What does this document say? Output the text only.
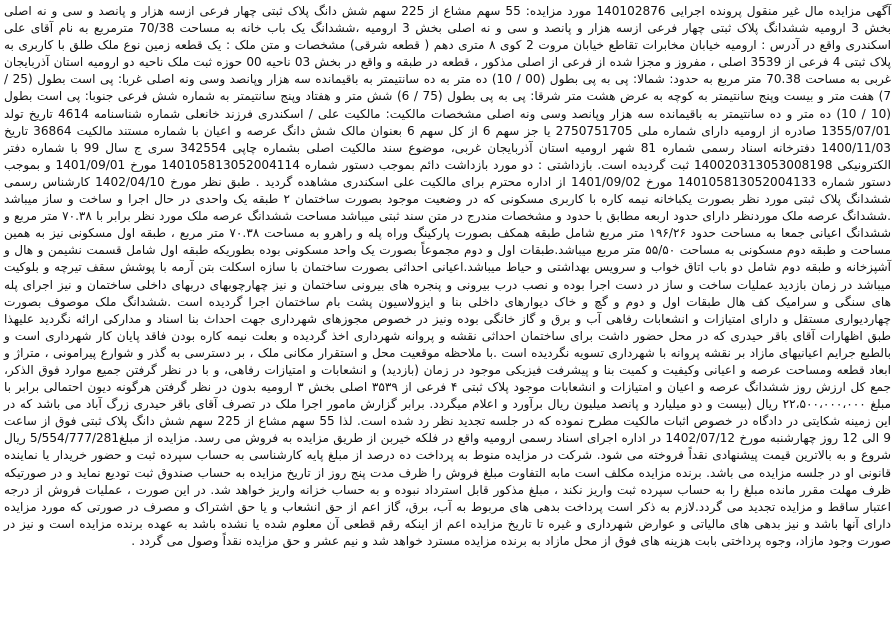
آگهی مزایده مال غیر منقول پرونده اجرایی 140102876 مورد مزایده: 55 سهم مشاع از 225 سهم شش دانگ پلاک ثبتی چهار فرعی ازسه هزار و پانصد و سی و نه اصلی بخش 3 ارومیه ششدانگ پلاک ثبتی چهار فرعی ازسه هزار و پانصد و سی و نه اصلی بخش 3 ارومیه ،ششدانگ یک باب خانه به مساحت 70/38 مترمربع به نام آقای علی اسکندری واقع در آدرس : ارومیه خیابان مخابرات تقاطع خیابان مروت 2 کوی ۸ متری دهم ( قطعه شرقی) مشخصات و متن ملک : یک قطعه زمین نوع ملک طلق با کاربری به پلاک ثبتی 4 فرعی از 3539 اصلی ، مفروز و مجزا شده از فرعی از اصلی مذکور ، قطعه در طبقه و واقع در بخش 03 ناحیه 00 حوزه ثبت ملک ناحیه دو ارومیه استان آذربایجان غربی به مساحت 70.38 متر مربع به حدود: شمالا: پی به پی بطول (00 / 10) ده متر به ده سانتیمتر به باقیمانده سه هزار وپانصد وسی ونه اصلی غربا: پی است بطول (25 / 7) هفت متر و بیست وپنج سانتیمتر به کوچه به عرض هشت متر شرقا: پی به پی بطول (75 / 6) شش متر و هفتاد وپنج سانتیمتر به شماره شش فرعی جنوبا: پی است بطول (10 / 10) ده متر و ده سانتیمتر به باقیمانده سه هزار وپانصد وسی ونه اصلی مشخصات مالکیت: مالکیت علی / اسکندری فرزند خانعلی شماره شناسنامه 4614 تاریخ تولد 1355/07/01 صادره از ارومیه دارای شماره ملی 2750751705 یا جز سهم 6 از کل سهم 6 بعنوان مالک شش دانگ عرصه و اعیان با شماره مستند مالکیت 36864 تاریخ 1400/11/03 دفترخانه اسناد رسمی شماره 81 شهر ارومیه استان آذربایجان غربی، موضوع سند مالکیت اصلی بشماره چاپی 342554 سری ج سال 99 با شماره دفتر الکترونیکی 140020313053008198 ثبت گردیده است. بازداشتی : دو مورد بازداشت دائم بموجب دستور شماره 140105813052004114 مورخ 1401/09/01 و بموجب دستور شماره 140105813052004133 مورخ 1401/09/02 از اداره محترم برای مالکیت علی اسکندری مشاهده گردید . طبق نظر مورخ 1402/04/10 کارشناس رسمی ششدانگ پلاک ثبتی مورد نظر بصورت یکباخانه نیمه کاره با کاربری مسکونی که در وضعیت موجود بصورت ساختمان ۲ طبقه یک واحدی در حال اجرا و ساخت و ساز میباشد .ششدانگ عرصه ملک موردنظر دارای حدود اربعه مطابق با حدود و مشخصات مندرج در متن سند ثبتی میباشد مساحت ششدانگ عرصه ملک مورد نظر برابر با ۷۰.۳۸ متر مربع و ششدانگ اعیانی جمعا به مساحت حدود ۱۹۶/۲۶ متر مربع شامل طبقه همکف بصورت پارکینگ وراه پله و راهرو به مساحت ۷۰.۳۸ متر مربع ، طبقه اول مسکونی نیز به همین مساحت و طبقه دوم مسکونی به مساحت ۵۵/۵۰ متر مربع میباشد.طبقات اول و دوم مجموعاً بصورت یک واحد مسکونی بوده بطوریکه طبقه اول شامل قسمت نشیمن و هال و آشپزخانه و طبقه دوم شامل دو باب اتاق خواب و سرویس بهداشتی و حیاط میباشد.اعیانی احداثی بصورت ساختمان با سازه اسکلت بتن آرمه با پوشش سقف تیرچه و بلوکیت میباشد در زمان بازدید عملیات ساخت و ساز در دست اجرا بوده و نصب درب بیرونی و پنجره های بیرونی ساختمان و نیز چهارچوبهای دربهای داخلی ساختمان و نیز اجرای پله های سنگی و سرامیک کف هال طبقات اول و دوم و گچ و خاک دیوارهای داخلی بنا و ایزولاسیون پشت بام ساختمان اجرا گردیده است .ششدانگ ملک موصوف بصورت چهاردیواری مستقل و دارای امتیازات و انشعابات رفاهی آب و برق و گاز خانگی بوده ونیز در خصوص مجوزهای شهرداری جهت احداث بنا اسناد و مدارکی ارائه نگردید علیهذا طبق اظهارات آقای باقر حیدری که در محل حضور داشت برای ساختمان احداثی نقشه و پروانه شهرداری اخذ گردیده و بعلت نیمه کاره بودن فاقد پایان کار شهرداری است و بالطبع جرایم اعیانیهای مازاد بر نقشه پروانه با شهرداری تسویه نگردیده است .با ملاحظه موقعیت محل و استقرار مکانی ملک ، بر دسترسی به گذر و شوارع پیرامونی ، متراژ و ابعاد قطعه ومساحت عرصه و اعیانی وکیفیت و کمیت بنا و پیشرفت فیزیکی موجود در زمان (بازدید) و انشعابات و امتیازات رفاهی، و با در نظر گرفتن جمیع موارد فوق الذکر، جمع کل ارزش روز ششدانگ عرصه و اعیان و امتیازات و انشعابات موجود پلاک ثبتی ۴ فرعی از ۳۵۳۹ اصلی بخش ۳ ارومیه بدون در نظر گرفتن هرگونه دیون احتمالی برابر با مبلغ ۲۲،۵۰۰،۰۰۰،۰۰۰ ریال (بیست و دو میلیارد و پانصد میلیون ریال برآورد و اعلام میگردد. برابر گزارش مامور اجرا ملک در تصرف آقای باقر حیدری زرگ آباد می باشد که در این زمینه شکایتی در دادگاه در خصوص اثبات مالکیت مطرح نموده که در جلسه تجدید نظر رد شده است. لذا 55 سهم مشاع از 225 سهم شش دانگ پلاک ثبتی فوق از ساعت 9 الی 12 روز چهارشنبه مورخ 1402/07/12 در اداره اجرای اسناد رسمی ارومیه واقع در فلکه خیربن از طریق مزایده به فروش می رسد. مزایده از مبلغ5/554/777/281 ریال شروع و به بالاترین قیمت پیشنهادی نقداً فروخته می شود. شرکت در مزایده منوط به پرداخت ده درصد از مبلغ پایه کارشناسی به حساب سپرده ثبت و حضور خریدار یا نماینده قانونی او در جلسه مزایده می باشد. برنده مزایده مکلف است مابه التفاوت مبلغ فروش را ظرف مدت پنج روز از تاریخ مزایده به حساب صندوق ثبت تودیع نماید و در صورتیکه ظرف مهلت مقرر مانده مبلغ را به حساب سپرده ثبت واریز نکند ، مبلغ مذکور قابل استرداد نبوده و به حساب خزانه واریز خواهد شد. در این صورت ، عملیات فروش از درجه اعتبار ساقط و مزایده تجدید می گردد.لازم به ذکر است پرداخت بدهی های مربوط به آب، برق، گاز اعم از حق انشعاب و یا حق اشتراک و مصرف در صورتی که مورد مزایده دارای آنها باشد و نیز بدهی های مالیاتی و عوارض شهرداری و غیره تا تاریخ مزایده اعم از اینکه رقم قطعی آن معلوم شده یا نشده باشد به عهده برنده مزایده است و نیز در صورت وجود مازاد، وجوه پرداختی بابت هزینه های فوق از محل مازاد به برنده مزایده مسترد خواهد شد و نیم عشر و حق مزایده نقداً وصول می گردد .
